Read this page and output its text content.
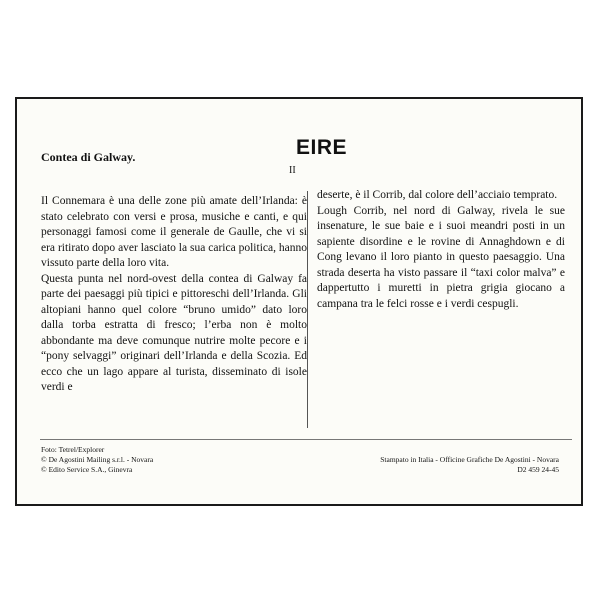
EIRE
Contea di Galway.
II

Il Connemara è una delle zone più amate dell’Irlanda: è stato celebrato con versi e prosa, musiche e canti, e qui personaggi famosi come il generale de Gaulle, che vi si era ritirato dopo aver lasciato la sua carica politica, hanno vissuto parte della loro vita.

Questa punta nel nord-ovest della contea di Galway fa parte dei paesaggi più tipici e pittoreschi dell’Irlanda. Gli altopiani hanno quel colore “bruno umido” dato loro dalla torba estratta di fresco; l’erba non è molto abbondante ma deve comunque nutrire molte pecore e i “pony selvaggi” originari dell’Irlanda e della Scozia. Ed ecco che un lago appare al turista, disseminato di isole verdi e

deserte, è il Corrib, dal colore dell’acciaio temprato.

Lough Corrib, nel nord di Galway, rivela le sue insenature, le sue baie e i suoi meandri posti in un sapiente disordine e le rovine di Annaghdown e di Cong levano il loro pianto in questo paesaggio. Una strada deserta ha visto passare il “taxi color malva” e dappertutto i muretti in pietra grigia giocano a campana tra le felci rosse e i verdi cespugli.

Foto: Tetrel/Explorer
© De Agostini Mailing s.r.l. - Novara
© Edito Service S.A., Ginevra
Stampato in Italia - Officine Grafiche De Agostini - Novara
D2 459 24-45
